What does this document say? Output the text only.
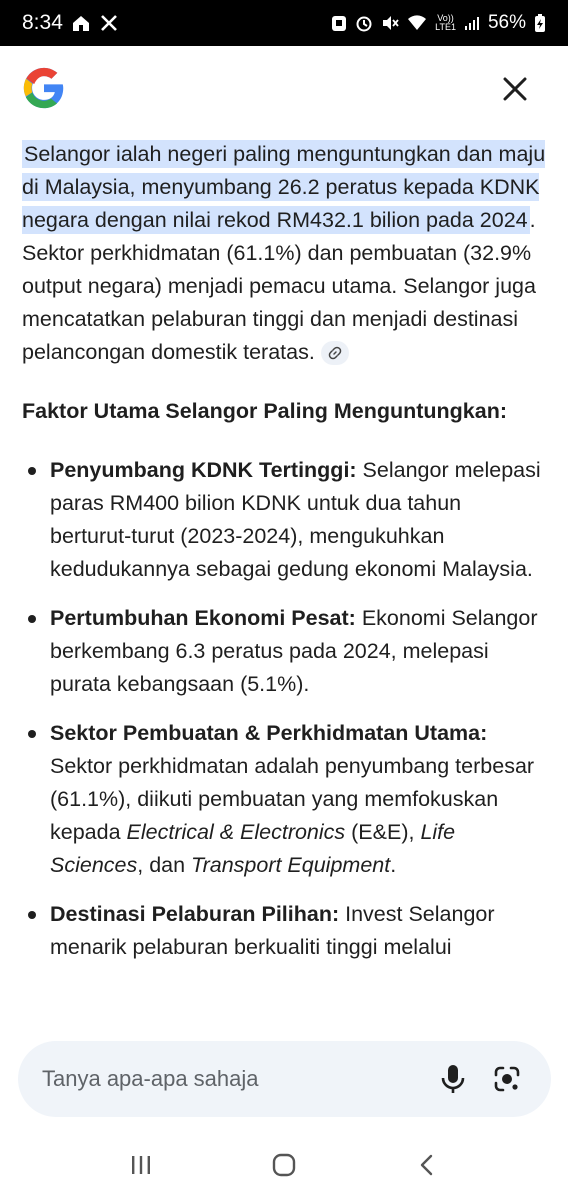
8:34	Vo))
LTE1 56%

Selangor ialah negeri paling menguntungkan dan maju di Malaysia, menyumbang 26.2 peratus kepada KDNK negara dengan nilai rekod RM432.1 bilion pada 2024. Sektor perkhidmatan (61.1%) dan pembuatan (32.9% output negara) menjadi pemacu utama. Selangor juga mencatatkan pelaburan tinggi dan menjadi destinasi pelancongan domestik teratas.

Faktor Utama Selangor Paling Menguntungkan:

Penyumbang KDNK Tertinggi: Selangor melepasi paras RM400 bilion KDNK untuk dua tahun berturut-turut (2023-2024), mengukuhkan kedudukannya sebagai gedung ekonomi Malaysia.
Pertumbuhan Ekonomi Pesat: Ekonomi Selangor berkembang 6.3 peratus pada 2024, melepasi purata kebangsaan (5.1%).
Sektor Pembuatan & Perkhidmatan Utama: Sektor perkhidmatan adalah penyumbang terbesar (61.1%), diikuti pembuatan yang memfokuskan kepada Electrical & Electronics (E&E), Life Sciences, dan Transport Equipment.
Destinasi Pelaburan Pilihan: Invest Selangor menarik pelaburan berkualiti tinggi melalui
Tanya apa-apa sahaja
